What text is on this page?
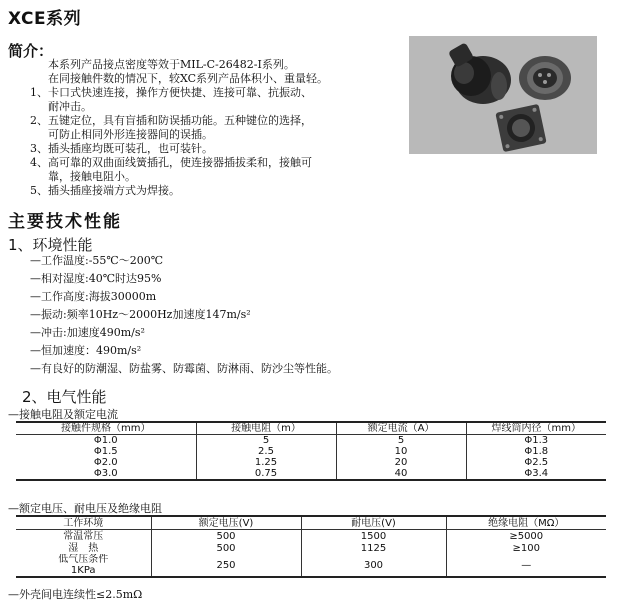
XCE系列
简介：
本系列产品接点密度等效于MIL-C-26482-Ⅰ系列。
在同接触件数的情况下，较XC系列产品体积小、重量轻。
1、卡口式快速连接，操作方便快捷、连接可靠、抗振动、
耐冲击。
2、五键定位，具有盲插和防误插功能。五种键位的选择，
可防止相同外形连接器间的误插。
3、插头插座均既可装孔，也可装针。
4、高可靠的双曲面线簧插孔，使连接器插拔柔和，接触可
靠，接触电阻小。
5、插头插座接端方式为焊接。
主要技术性能
1、环境性能
—工作温度:-55℃～200℃
—相对湿度:40℃时达95%
—工作高度:海拔30000m
—振动:频率10Hz～2000Hz加速度147m/s²
—冲击:加速度490m/s²
—恒加速度：490m/s²
—有良好的防潮湿、防盐雾、防霉菌、防淋雨、防沙尘等性能。
2、电气性能
—接触电阻及额定电流
接触件规格（mm）	接触电阻（m）	额定电流（A）	焊线筒内径（mm）
Φ1.0	5	5	Φ1.3
Φ1.5	2.5	10	Φ1.8
Φ2.0	1.25	20	Φ2.5
Φ3.0	0.75	40	Φ3.4
—额定电压、耐电压及绝缘电阻
工作环境	额定电压(V)	耐电压(V)	绝缘电阻（MΩ）
常温常压	500	1500	≥5000
湿　热	500	1125	≥100
低气压条件1KPa	250	300	—
—外壳间电连续性≤2.5mΩ
